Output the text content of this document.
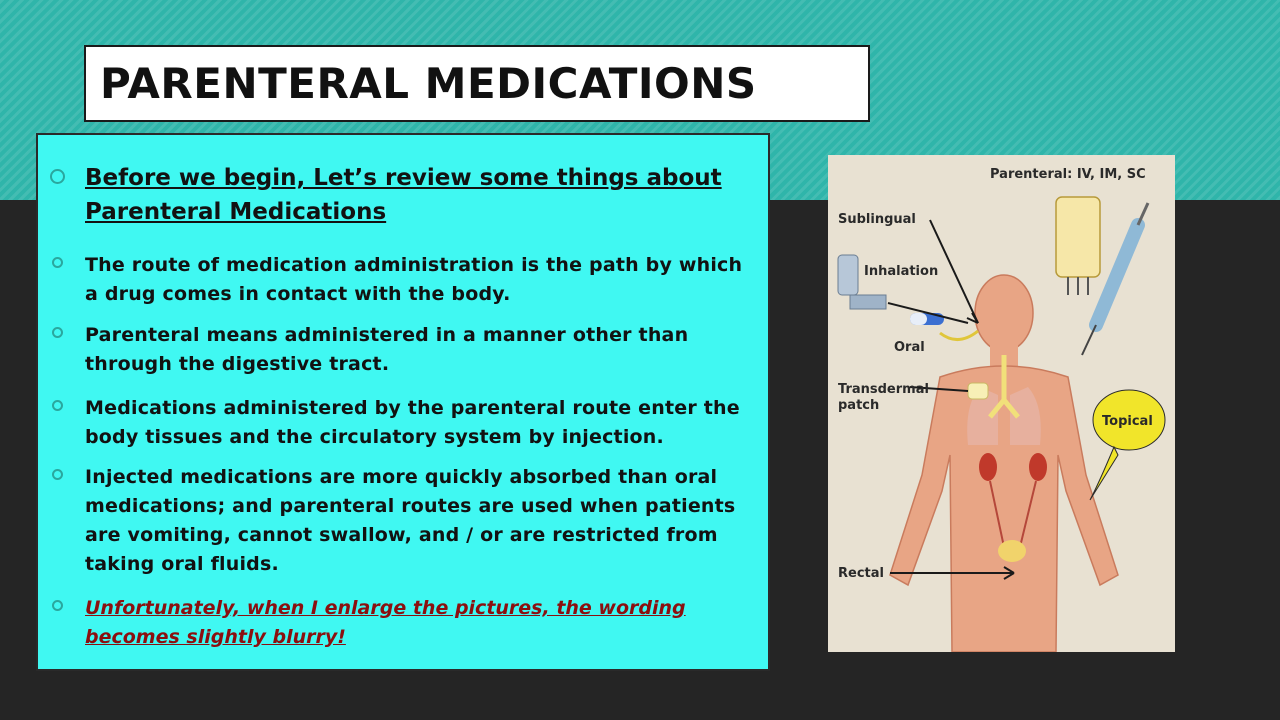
PARENTERAL MEDICATIONS
Before we begin, Let’s review some things about Parenteral Medications
The route of medication administration is the path by which a drug comes in contact with the body.
Parenteral means administered in a manner other than through the digestive tract.
Medications administered by the parenteral route enter the body tissues and the circulatory system by injection.
Injected medications are more quickly absorbed than oral medications; and parenteral routes are used when patients are vomiting, cannot swallow, and / or are restricted from taking oral fluids.
Unfortunately, when I enlarge the pictures, the wording becomes slightly blurry!
Parenteral: IV, IM, SC
Sublingual
Inhalation
Oral
Transdermal
patch
Topical
Rectal
